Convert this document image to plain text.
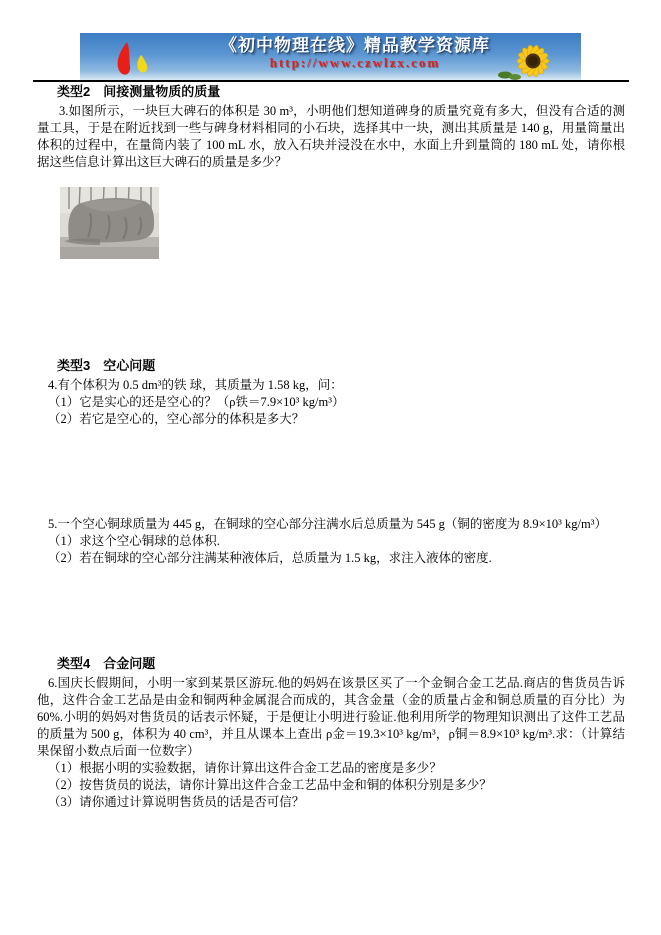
《初中物理在线》精品教学资源库
http://www.czwlzx.com
类型2　间接测量物质的质量

3.如图所示，一块巨大碑石的体积是 30 m³，小明他们想知道碑身的质量究竟有多大，但没有合适的测量工具，于是在附近找到一些与碑身材料相同的小石块，选择其中一块，测出其质量是 140 g，用量筒量出体积的过程中，在量筒内装了 100 mL 水，放入石块并浸没在水中，水面上升到量筒的 180 mL 处，请你根据这些信息计算出这巨大碑石的质量是多少？

类型3　空心问题

4.有个体积为 0.5 dm³的铁 球，其质量为 1.58 kg，问：

（1）它是实心的还是空心的？（ρ铁＝7.9×10³ kg/m³）

（2）若它是空心的，空心部分的体积是多大？

5.一个空心铜球质量为 445 g，在铜球的空心部分注满水后总质量为 545 g（铜的密度为 8.9×10³ kg/m³）

（1）求这个空心铜球的总体积.

（2）若在铜球的空心部分注满某种液体后，总质量为 1.5 kg，求注入液体的密度.

类型4　合金问题

6.国庆长假期间，小明一家到某景区游玩.他的妈妈在该景区买了一个金铜合金工艺品.商店的售货员告诉他，这件合金工艺品是由金和铜两种金属混合而成的，其含金量（金的质量占金和铜总质量的百分比）为 60%.小明的妈妈对售货员的话表示怀疑，于是便让小明进行验证.他利用所学的物理知识测出了这件工艺品的质量为 500 g，体积为 40 cm³，并且从课本上查出 ρ金＝19.3×10³ kg/m³，ρ铜＝8.9×10³ kg/m³.求：（计算结果保留小数点后面一位数字）

（1）根据小明的实验数据，请你计算出这件合金工艺品的密度是多少？

（2）按售货员的说法，请你计算出这件合金工艺品中金和铜的体积分别是多少？

（3）请你通过计算说明售货员的话是否可信？
